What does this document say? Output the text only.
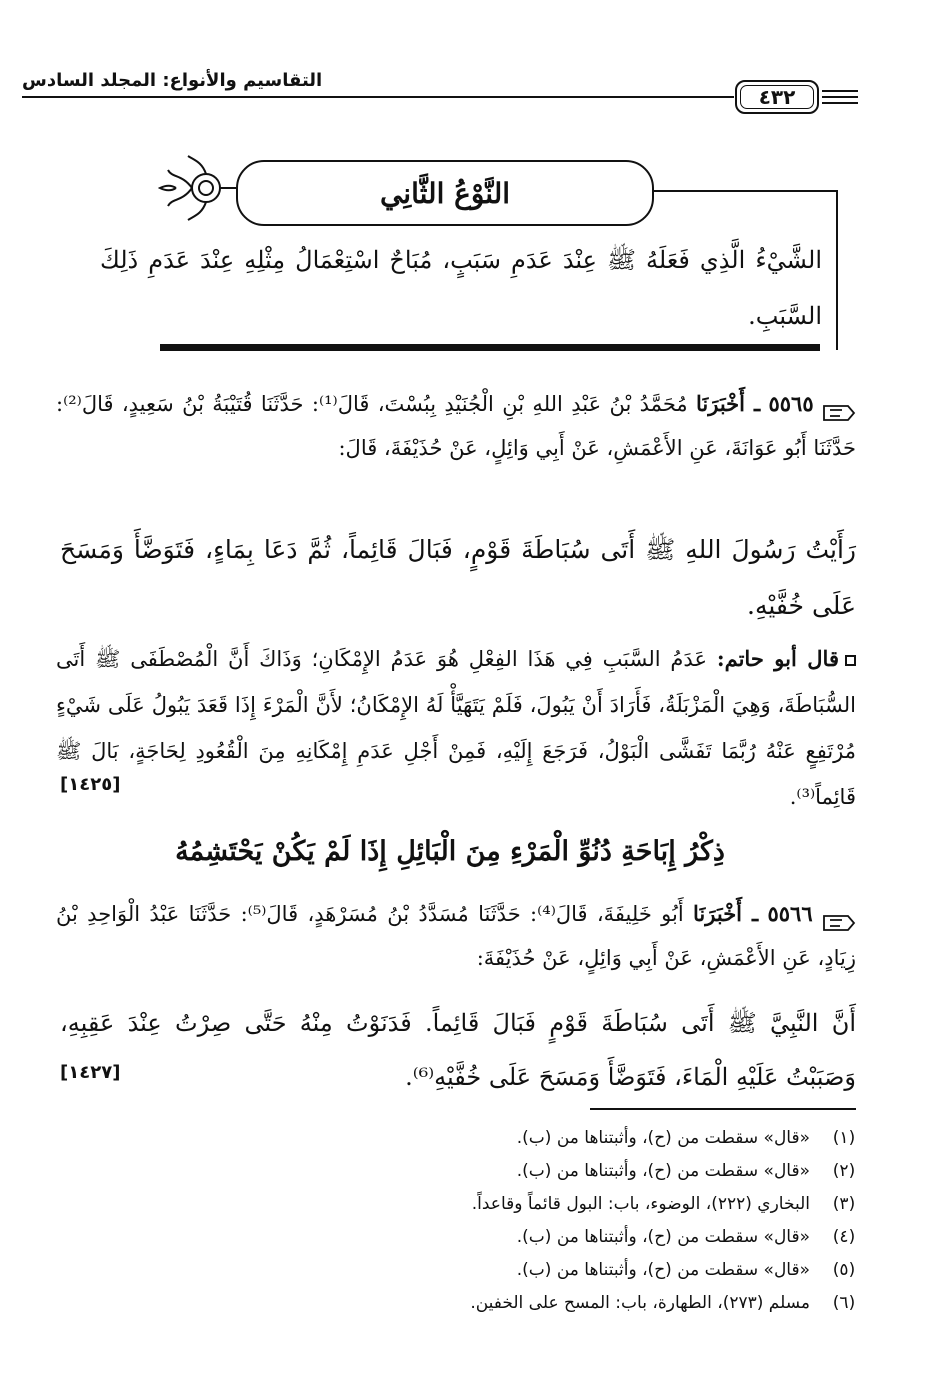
التقاسيم والأنواع: المجلد السادس
٤٣٢
النَّوْعُ الثَّانِي
الشَّيْءُ الَّذِي فَعَلَهُ ﷺ عِنْدَ عَدَمِ سَبَبٍ، مُبَاحٌ اسْتِعْمَالُ مِثْلِهِ عِنْدَ عَدَمِ ذَلِكَ السَّبَبِ.
٥٥٦٥ ـ أَخْبَرَنَا مُحَمَّدُ بْنُ عَبْدِ اللهِ بْنِ الْجُنَيْدِ بِبُسْتَ، قَالَ⁽¹⁾: حَدَّثَنَا قُتَيْبَةُ بْنُ سَعِيدٍ، قَالَ⁽²⁾: حَدَّثَنَا أَبُو عَوَانَةَ، عَنِ الأَعْمَشِ، عَنْ أَبِي وَائِلٍ، عَنْ حُذَيْفَةَ، قَالَ:
رَأَيْتُ رَسُولَ اللهِ ﷺ أَتَى سُبَاطَةَ قَوْمٍ، فَبَالَ قَائِماً، ثُمَّ دَعَا بِمَاءٍ، فَتَوَضَّأَ وَمَسَحَ عَلَى خُفَّيْهِ.
قال أبو حاتم: عَدَمُ السَّبَبِ فِي هَذَا الفِعْلِ هُوَ عَدَمُ الإِمْكَانِ؛ وَذَاكَ أَنَّ الْمُصْطَفَى ﷺ أَتَى السُّبَاطَةَ، وَهِيَ الْمَزْبَلَةُ، فَأَرَادَ أَنْ يَبُولَ، فَلَمْ يَتَهَيَّأْ لَهُ الإِمْكَانُ؛ لأَنَّ الْمَرْءَ إِذَا قَعَدَ يَبُولُ عَلَى شَيْءٍ مُرْتَفِعٍ عَنْهُ رُبَّمَا تَفَشَّى الْبَوْلُ، فَرَجَعَ إِلَيْهِ، فَمِنْ أَجْلِ عَدَمِ إِمْكَانِهِ مِنَ الْقُعُودِ لِحَاجَةٍ، بَالَ ﷺ قَائِماً⁽³⁾.
[١٤٢٥]
ذِكْرُ إِبَاحَةِ دُنُوِّ الْمَرْءِ مِنَ الْبَائِلِ إِذَا لَمْ يَكُنْ يَحْتَشِمُهُ
٥٥٦٦ ـ أَخْبَرَنَا أَبُو خَلِيفَةَ، قَالَ⁽⁴⁾: حَدَّثَنَا مُسَدَّدُ بْنُ مُسَرْهَدٍ، قَالَ⁽⁵⁾: حَدَّثَنَا عَبْدُ الْوَاحِدِ بْنُ زِيَادٍ، عَنِ الأَعْمَشِ، عَنْ أَبِي وَائِلٍ، عَنْ حُذَيْفَةَ:
أَنَّ النَّبِيَّ ﷺ أَتَى سُبَاطَةَ قَوْمٍ فَبَالَ قَائِماً. فَدَنَوْتُ مِنْهُ حَتَّى صِرْتُ عِنْدَ عَقِبِهِ، وَصَبَبْتُ عَلَيْهِ الْمَاءَ، فَتَوَضَّأَ وَمَسَحَ عَلَى خُفَّيْهِ⁽⁶⁾.
[١٤٢٧]
(١)
«قال» سقطت من (ح)، وأثبتناها من (ب).
(٢)
«قال» سقطت من (ح)، وأثبتناها من (ب).
(٣)
البخاري (٢٢٢)، الوضوء، باب: البول قائماً وقاعداً.
(٤)
«قال» سقطت من (ح)، وأثبتناها من (ب).
(٥)
«قال» سقطت من (ح)، وأثبتناها من (ب).
(٦)
مسلم (٢٧٣)، الطهارة، باب: المسح على الخفين.
